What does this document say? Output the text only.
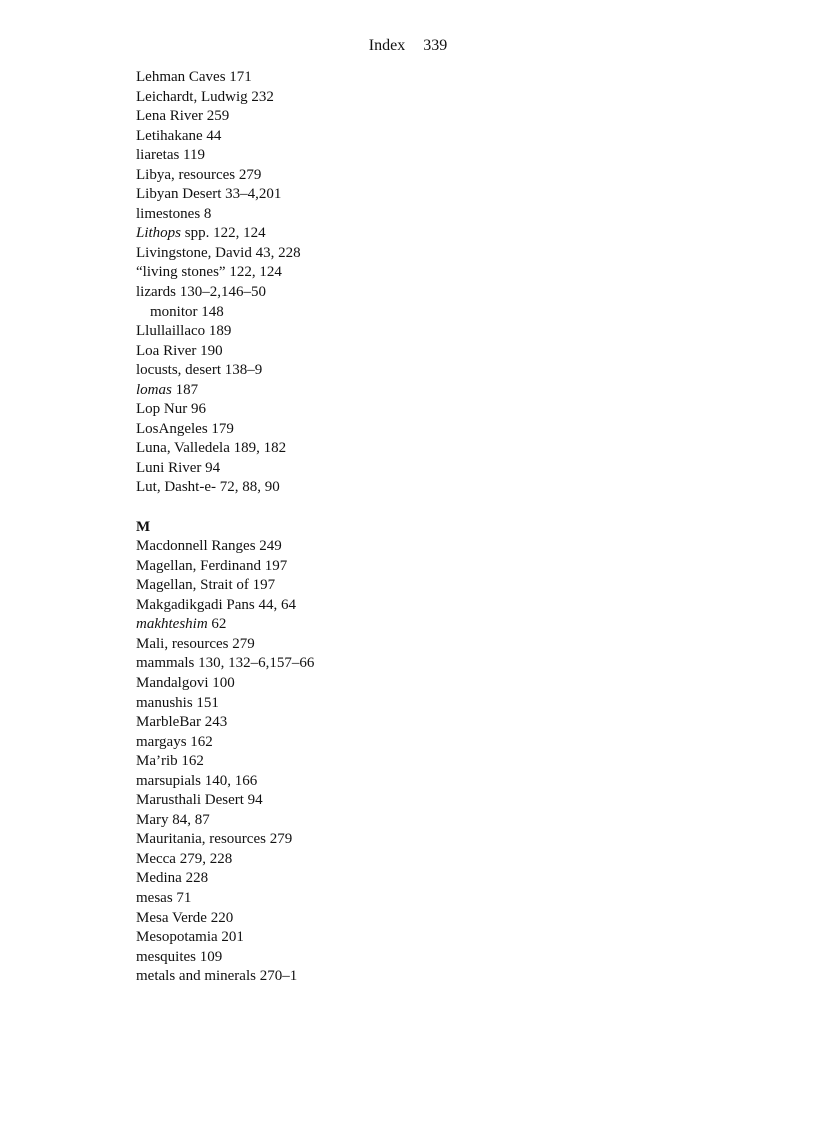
Index 339
Lehman Caves 171
Leichardt, Ludwig 232
Lena River 259
Letihakane 44
liaretas 119
Libya, resources 279
Libyan Desert 33–4,201
limestones 8
Lithops spp. 122, 124
Livingstone, David 43, 228
“living stones” 122, 124
lizards 130–2,146–50
monitor 148
Llullaillaco 189
Loa River 190
locusts, desert 138–9
lomas 187
Lop Nur 96
LosAngeles 179
Luna, Valledela 189, 182
Luni River 94
Lut, Dasht-e- 72, 88, 90
M
Macdonnell Ranges 249
Magellan, Ferdinand 197
Magellan, Strait of 197
Makgadikgadi Pans 44, 64
makhteshim 62
Mali, resources 279
mammals 130, 132–6,157–66
Mandalgovi 100
manushis 151
MarbleBar 243
margays 162
Ma’rib 162
marsupials 140, 166
Marusthali Desert 94
Mary 84, 87
Mauritania, resources 279
Mecca 279, 228
Medina 228
mesas 71
Mesa Verde 220
Mesopotamia 201
mesquites 109
metals and minerals 270–1
